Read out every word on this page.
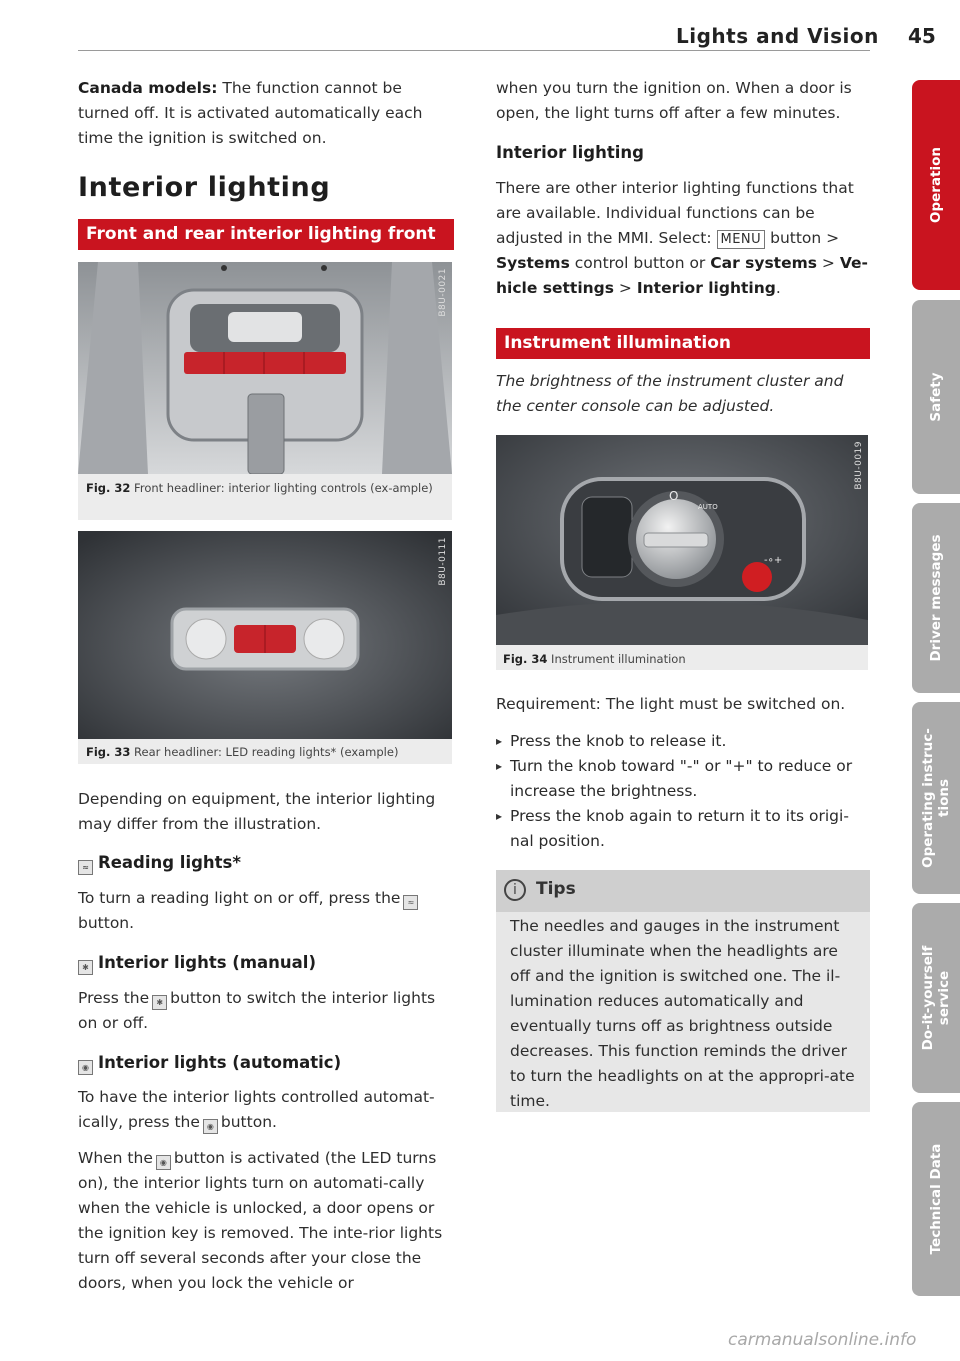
Lights and Vision 45

Canada models: The function cannot be turned off. It is activated automatically each time the ignition is switched on.

Interior lighting
Front and rear interior lighting front
B8U-0021
Fig. 32 Front headliner: interior lighting controls (ex-ample)
B8U-0111
Fig. 33 Rear headliner: LED reading lights* (example)

Depending on equipment, the interior lighting may differ from the illustration.

≈ Reading lights*

To turn a reading light on or off, press the ≈
button.

✱ Interior lights (manual)

Press the ✱ button to switch the interior lights on or off.

◉ Interior lights (automatic)

To have the interior lights controlled automat-ically, press the ◉ button.

When the ◉ button is activated (the LED turns on), the interior lights turn on automati-cally when the vehicle is unlocked, a door opens or the ignition key is removed. The inte-rior lights turn off several seconds after your close the doors, when you lock the vehicle or

when you turn the ignition on. When a door is open, the light turns off after a few minutes.

Interior lighting

There are other interior lighting functions that are available. Individual functions can be adjusted in the MMI. Select: MENU button > Systems control button or Car systems > Ve-hicle settings > Interior lighting.

Instrument illumination

The brightness of the instrument cluster and the center console can be adjusted.

O
AUTO
-∘+
B8U-0019
Fig. 34 Instrument illumination

Requirement: The light must be switched on.

▸ Press the knob to release it.
▸ Turn the knob toward "-" or "+" to reduce or increase the brightness.
▸ Press the knob again to return it to its origi-nal position.
i	Tips

The needles and gauges in the instrument cluster illuminate when the headlights are off and the ignition is switched one. The il-lumination reduces automatically and eventually turns off as brightness outside decreases. This function reminds the driver to turn the headlights on at the appropri-ate time.

Operation
Safety
Driver messages
Operating instruc-tions
Do-it-yourself service
Technical Data
carmanualsonline.info
